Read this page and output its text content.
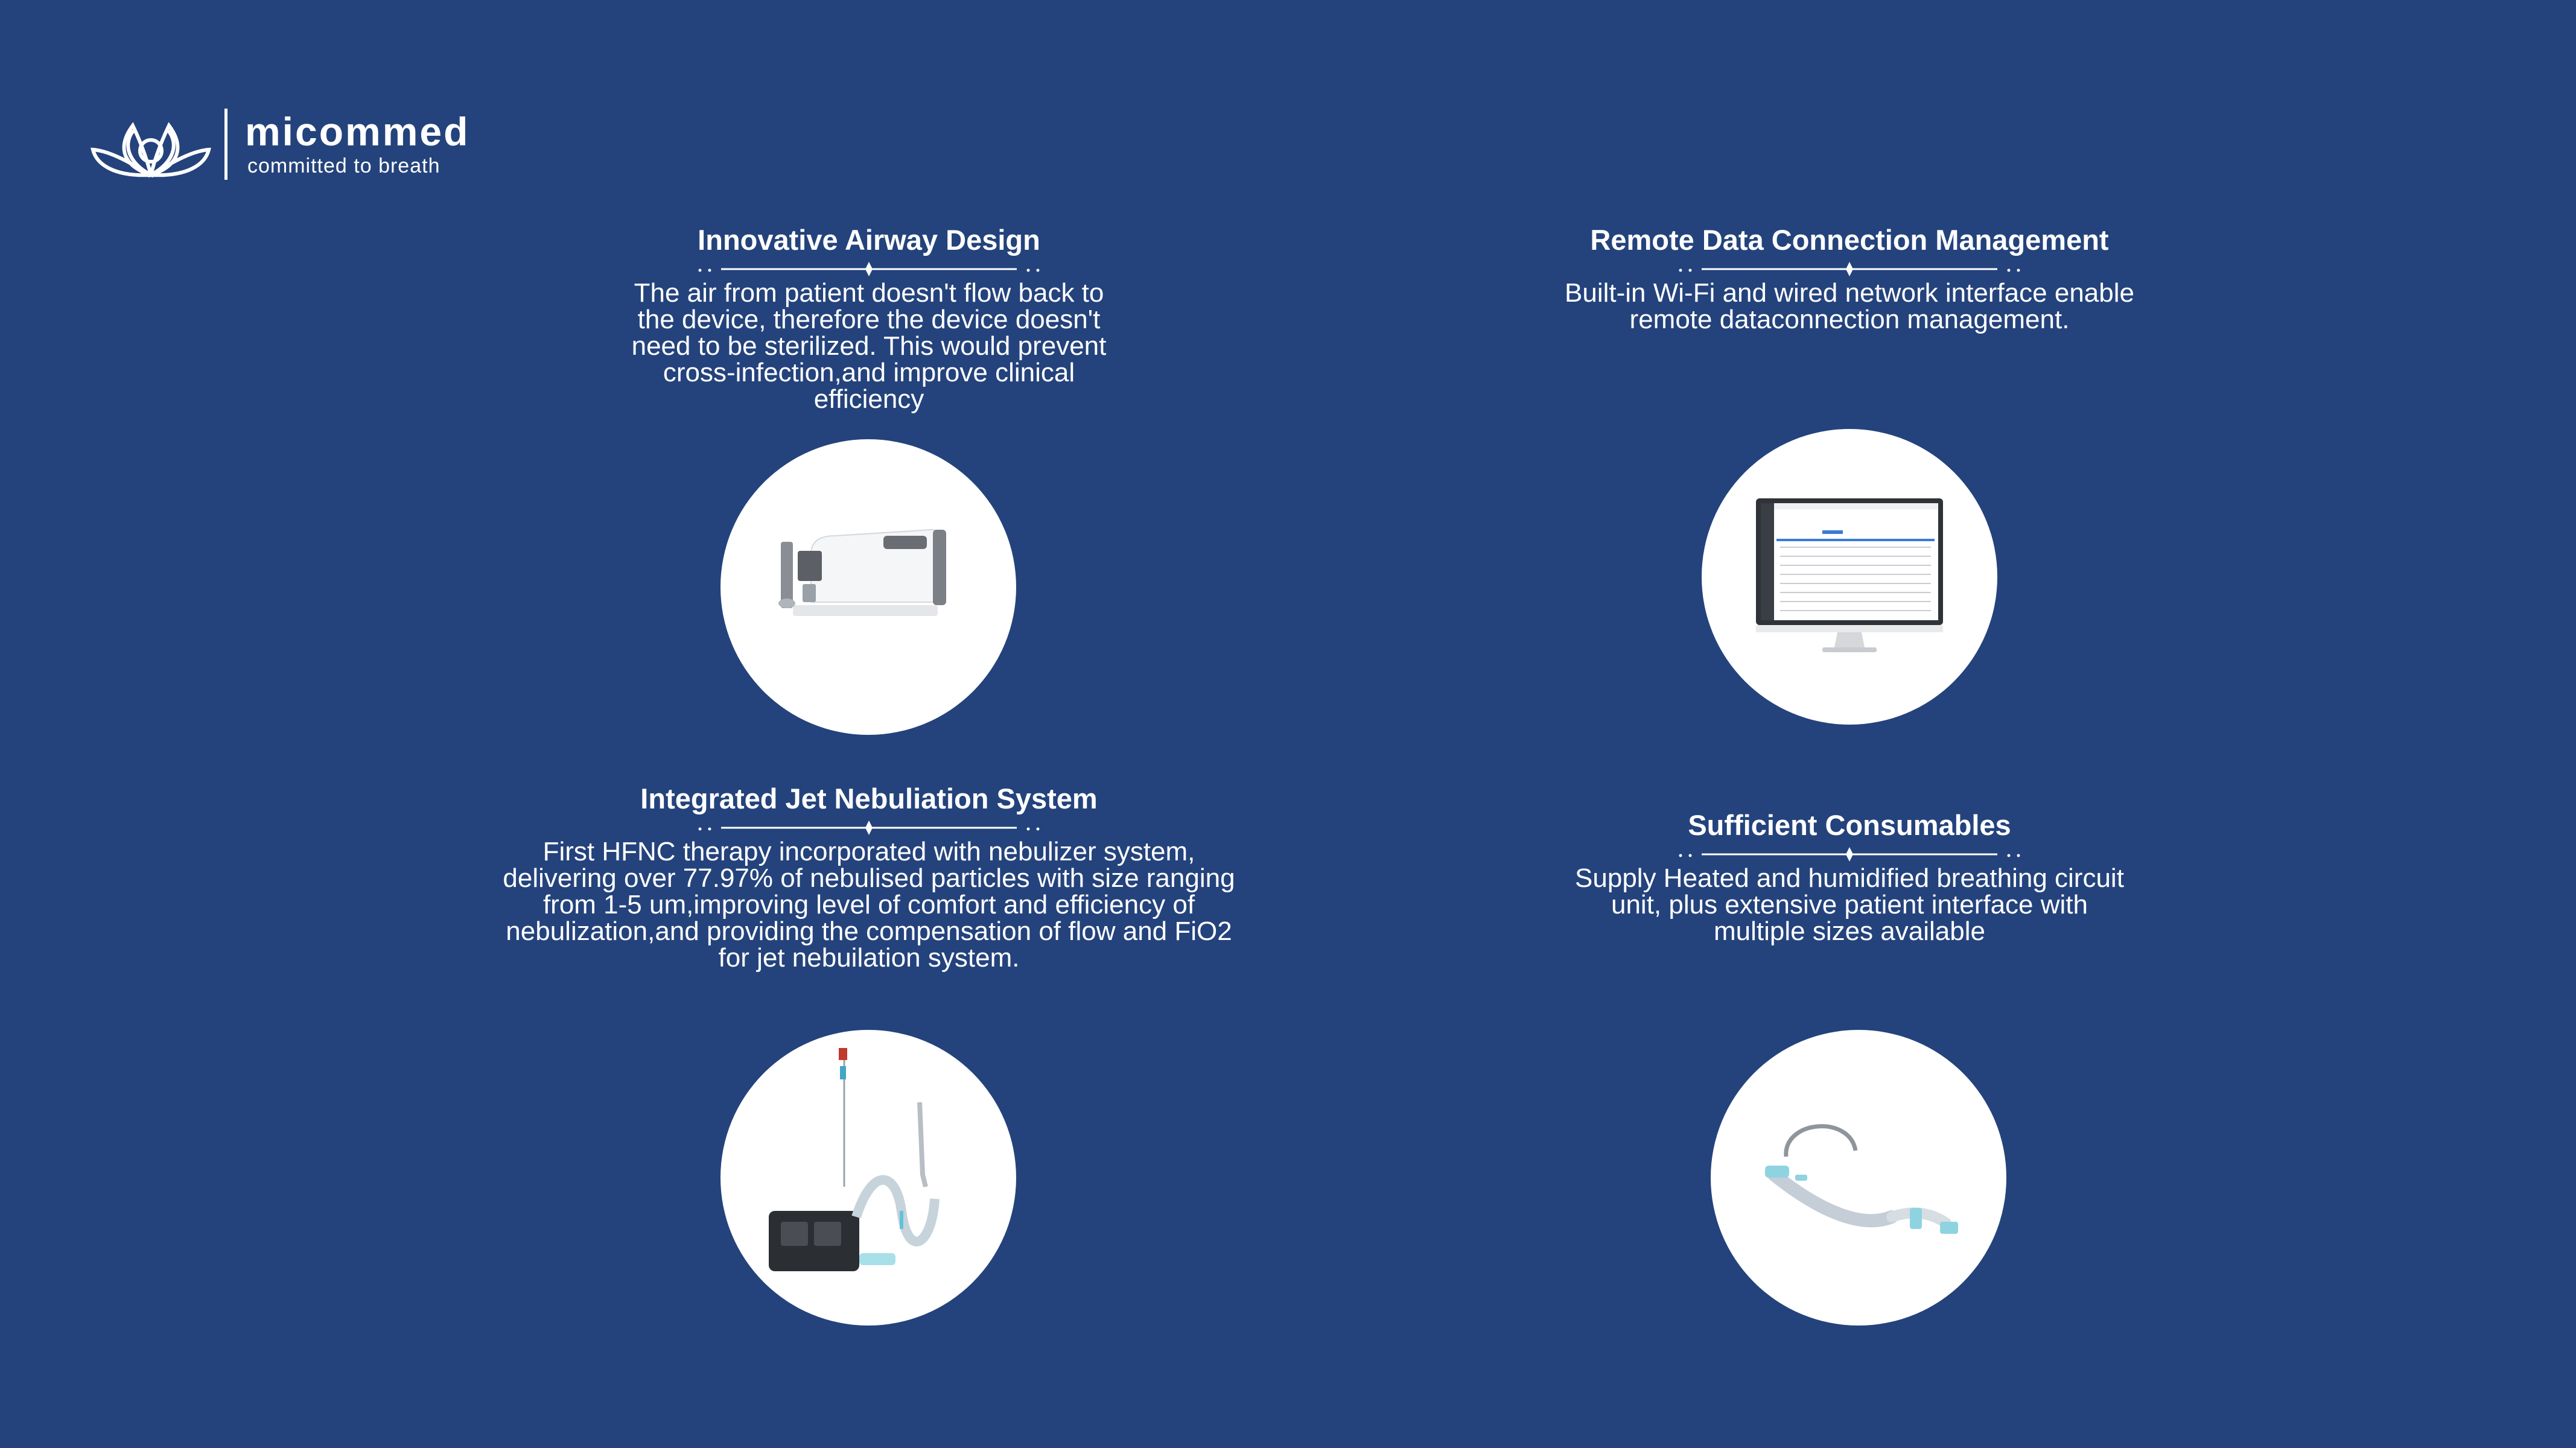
micommed
committed to breath
Innovative Airway Design

The air from patient doesn't flow back to the device, therefore the device doesn't need to be sterilized. This would prevent cross-infection,and improve clinical efficiency

Remote Data Connection Management

Built-in Wi-Fi and wired network interface enable remote dataconnection management.

Integrated Jet Nebuliation System

First HFNC therapy incorporated with nebulizer system, delivering over 77.97% of nebulised particles with size ranging from 1-5 um,improving level of comfort and efficiency of nebulization,and providing the compensation of flow and FiO2 for jet nebuilation system.

Sufficient Consumables

Supply Heated and humidified breathing circuit unit, plus extensive patient interface with multiple sizes available
